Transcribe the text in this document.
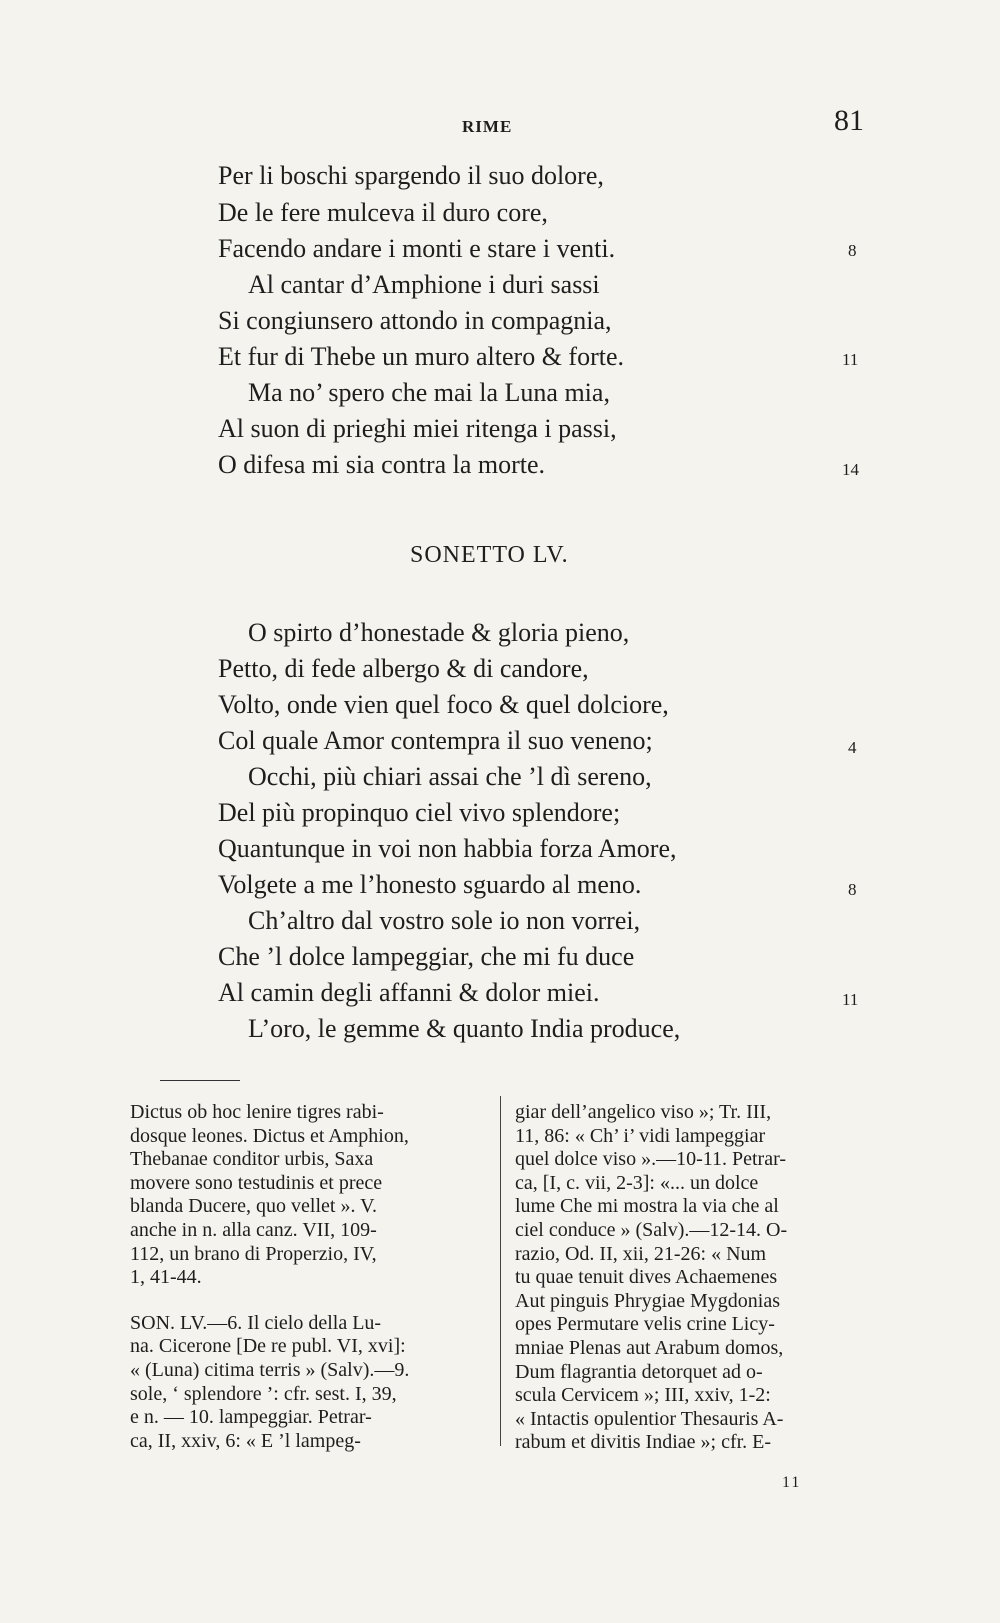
RIME	81
Per li boschi spargendo il suo dolore,
De le fere mulceva il duro core,
Facendo andare i monti e stare i venti.
Al cantar d’Amphione i duri sassi
Si congiunsero attondo in compagnia,
Et fur di Thebe un muro altero & forte.
Ma no’ spero che mai la Luna mia,
Al suon di prieghi miei ritenga i passi,
O difesa mi sia contra la morte.
8
11
14
SONETTO LV.
O spirto d’honestade & gloria pieno,
Petto, di fede albergo & di candore,
Volto, onde vien quel foco & quel dolciore,
Col quale Amor contempra il suo veneno;
Occhi, più chiari assai che ’l dì sereno,
Del più propinquo ciel vivo splendore;
Quantunque in voi non habbia forza Amore,
Volgete a me l’honesto sguardo al meno.
Ch’altro dal vostro sole io non vorrei,
Che ’l dolce lampeggiar, che mi fu duce
Al camin degli affanni & dolor miei.
L’oro, le gemme & quanto India produce,
4
8
11
Dictus ob hoc lenire tigres rabi-
dosque leones. Dictus et Amphion,
Thebanae conditor urbis, Saxa
movere sono testudinis et prece
blanda Ducere, quo vellet ». V.
anche in n. alla canz. VII, 109-
112, un brano di Properzio, IV,
1, 41-44.
SON. LV.—6. Il cielo della Lu-
na. Cicerone [De re publ. VI, xvi]:
« (Luna) citima terris » (Salv).—9.
sole, ‘ splendore ’: cfr. sest. I, 39,
e n. — 10. lampeggiar. Petrar-
ca, II, xxiv, 6: « E ’l lampeg-
giar dell’angelico viso »; Tr. III,
11, 86: « Ch’ i’ vidi lampeggiar
quel dolce viso ».—10-11. Petrar-
ca, [I, c. vii, 2-3]: «... un dolce
lume Che mi mostra la via che al
ciel conduce » (Salv).—12-14. O-
razio, Od. II, xii, 21-26: « Num
tu quae tenuit dives Achaemenes
Aut pinguis Phrygiae Mygdonias
opes Permutare velis crine Licy-
mniae Plenas aut Arabum domos,
Dum flagrantia detorquet ad o-
scula Cervicem »; III, xxiv, 1-2:
« Intactis opulentior Thesauris A-
rabum et divitis Indiae »; cfr. E-
11
